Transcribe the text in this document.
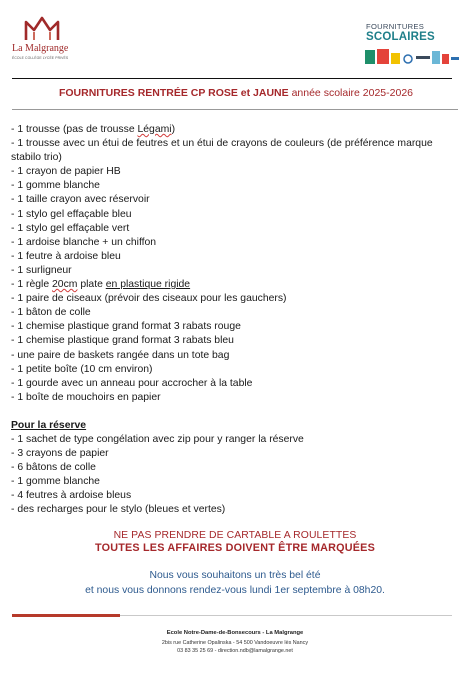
La Malgrange
ÉCOLE COLLÈGE LYCÉE PRIVÉS
FOURNITURES
SCOLAIRES
FOURNITURES RENTRÉE CP ROSE et JAUNE année scolaire 2025-2026
- 1 trousse (pas de trousse Légami)
- 1 trousse avec un étui de feutres et un étui de crayons de couleurs (de préférence marque stabilo trio)
- 1 crayon de papier HB
- 1 gomme blanche
- 1 taille crayon avec réservoir
- 1 stylo gel effaçable bleu
- 1 stylo gel effaçable vert
- 1 ardoise blanche + un chiffon
- 1 feutre à ardoise bleu
- 1 surligneur
- 1 règle 20cm plate en plastique rigide
- 1 paire de ciseaux (prévoir des ciseaux pour les gauchers)
- 1 bâton de colle
- 1 chemise plastique grand format 3 rabats rouge
- 1 chemise plastique grand format 3 rabats bleu
- une paire de baskets rangée dans un tote bag
- 1 petite boîte (10 cm environ)
- 1 gourde avec un anneau pour accrocher à la table
- 1 boîte de mouchoirs en papier
Pour la réserve
- 1 sachet de type congélation avec zip pour y ranger la réserve
- 3 crayons de papier
- 6 bâtons de colle
- 1 gomme blanche
- 4 feutres à ardoise bleus
- des recharges pour le stylo (bleues et vertes)
NE PAS PRENDRE DE CARTABLE A ROULETTES
TOUTES LES AFFAIRES DOIVENT ÊTRE MARQUÉES
Nous vous souhaitons un très bel été
et nous vous donnons rendez-vous lundi 1er septembre à 08h20.
Ecole Notre-Dame-de-Bonsecours - La Malgrange
2bis rue Catherine Opalinska - 54 500 Vandoeuvre lès Nancy
03 83 35 25 69 - direction.ndb@lamalgrange.net
